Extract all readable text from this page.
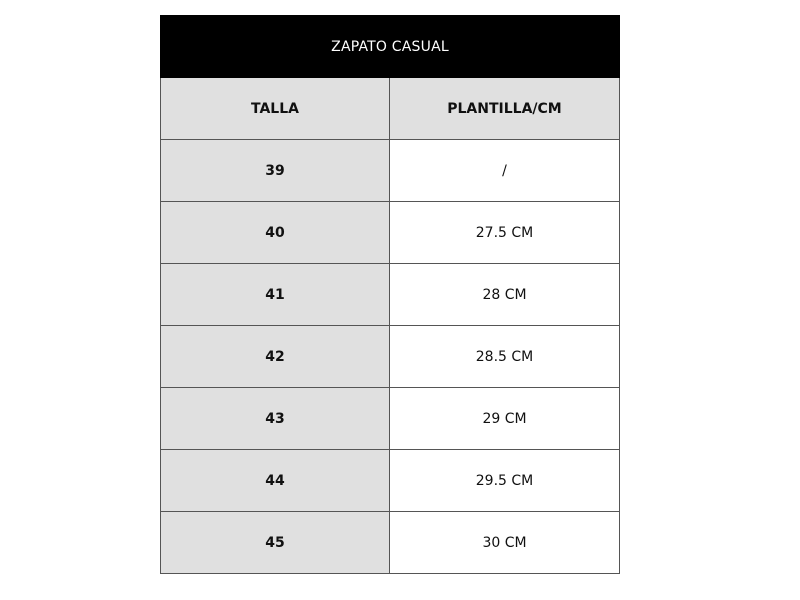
ZAPATO CASUAL	
TALLA	PLANTILLA/CM
39	/
40	27.5 CM
41	28 CM
42	28.5 CM
43	29 CM
44	29.5 CM
45	30 CM
